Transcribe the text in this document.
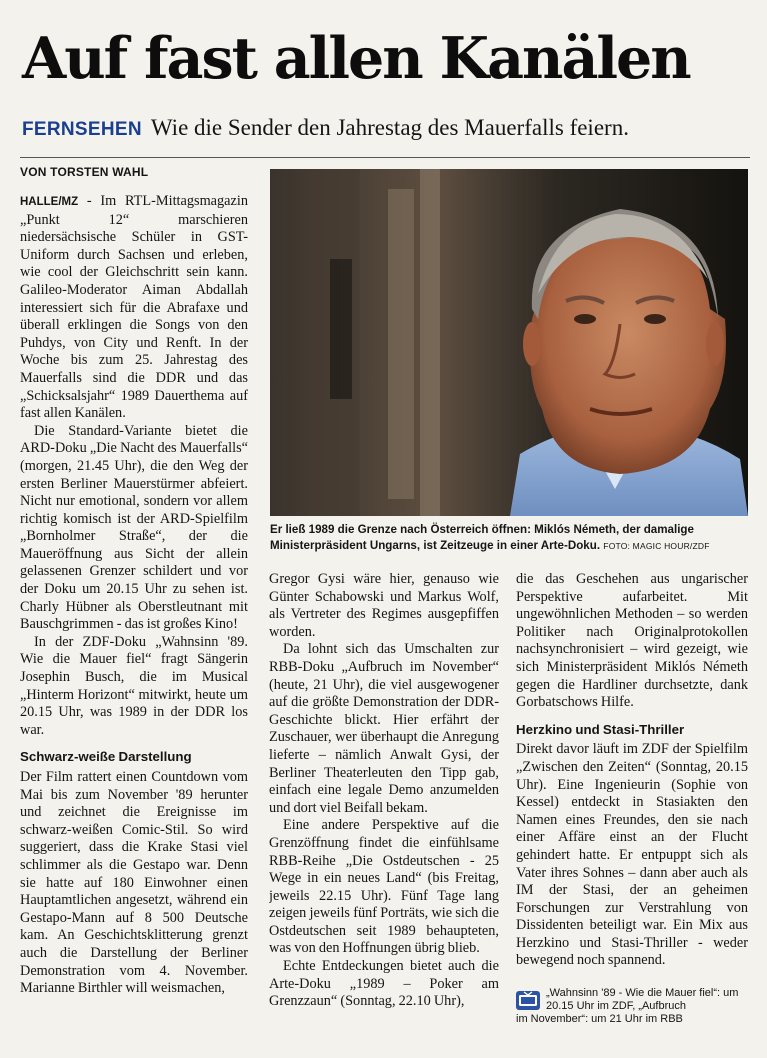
Auf fast allen Kanälen
FERNSEHEN Wie die Sender den Jahrestag des Mauerfalls feiern.
VON TORSTEN WAHL

HALLE/MZ - Im RTL-Mittagsmagazin „Punkt 12“ marschieren niedersächsische Schüler in GST-Uniform durch Sachsen und erleben, wie cool der Gleichschritt sein kann. Galileo-Moderator Aiman Abdallah interessiert sich für die Abrafaxe und überall erklingen die Songs von den Puhdys, von City und Renft. In der Woche bis zum 25. Jahrestag des Mauerfalls sind die DDR und das „Schicksalsjahr“ 1989 Dauerthema auf fast allen Kanälen.

Die Standard-Variante bietet die ARD-Doku „Die Nacht des Mauerfalls“ (morgen, 21.45 Uhr), die den Weg der ersten Berliner Mauerstürmer abfeiert. Nicht nur emotional, sondern vor allem richtig komisch ist der ARD-Spielfilm „Bornholmer Straße“, der die Maueröffnung aus Sicht der allein gelassenen Grenzer schildert und vor der Doku um 20.15 Uhr zu sehen ist. Charly Hübner als Oberstleutnant mit Bauschgrimmen - das ist großes Kino!

In der ZDF-Doku „Wahnsinn '89. Wie die Mauer fiel“ fragt Sängerin Josephin Busch, die im Musical „Hinterm Horizont“ mitwirkt, heute um 20.15 Uhr, was 1989 in der DDR los war.

Schwarz-weiße Darstellung

Der Film rattert einen Countdown vom Mai bis zum November '89 herunter und zeichnet die Ereignisse im schwarz-weißen Comic-Stil. So wird suggeriert, dass die Krake Stasi viel schlimmer als die Gestapo war. Denn sie hatte auf 180 Einwohner einen Hauptamtlichen angesetzt, während ein Gestapo-Mann auf 8 500 Deutsche kam. An Geschichtsklitterung grenzt auch die Darstellung der Berliner Demonstration vom 4. November. Marianne Birthler will weismachen,

Er ließ 1989 die Grenze nach Österreich öffnen: Miklós Németh, der damalige Ministerpräsident Ungarns, ist Zeitzeuge in einer Arte-Doku. FOTO: MAGIC HOUR/ZDF

Gregor Gysi wäre hier, genauso wie Günter Schabowski und Markus Wolf, als Vertreter des Regimes ausgepfiffen worden.

Da lohnt sich das Umschalten zur RBB-Doku „Aufbruch im November“ (heute, 21 Uhr), die viel ausgewogener auf die größte Demonstration der DDR-Geschichte blickt. Hier erfährt der Zuschauer, wer überhaupt die Anregung lieferte – nämlich Anwalt Gysi, der Berliner Theaterleuten den Tipp gab, einfach eine legale Demo anzumelden und dort viel Beifall bekam.

Eine andere Perspektive auf die Grenzöffnung findet die einfühlsame RBB-Reihe „Die Ostdeutschen - 25 Wege in ein neues Land“ (bis Freitag, jeweils 22.15 Uhr). Fünf Tage lang zeigen jeweils fünf Porträts, wie sich die Ostdeutschen seit 1989 behaupteten, was von den Hoffnungen übrig blieb.

Echte Entdeckungen bietet auch die Arte-Doku „1989 – Poker am Grenzzaun“ (Sonntag, 22.10 Uhr),

die das Geschehen aus ungarischer Perspektive aufarbeitet. Mit ungewöhnlichen Methoden – so werden Politiker nach Originalprotokollen nachsynchronisiert – wird gezeigt, wie sich Ministerpräsident Miklós Németh gegen die Hardliner durchsetzte, dank Gorbatschows Hilfe.

Herzkino und Stasi-Thriller

Direkt davor läuft im ZDF der Spielfilm „Zwischen den Zeiten“ (Sonntag, 20.15 Uhr). Eine Ingenieurin (Sophie von Kessel) entdeckt in Stasiakten den Namen eines Freundes, den sie nach einer Affäre einst an der Flucht gehindert hatte. Er entpuppt sich als Vater ihres Sohnes – dann aber auch als IM der Stasi, der an geheimen Forschungen zur Verstrahlung von Dissidenten beteiligt war. Ein Mix aus Herzkino und Stasi-Thriller - weder bewegend noch spannend.

„Wahnsinn '89 - Wie die Mauer fiel“: um 20.15 Uhr im ZDF, „Aufbruch
im November“: um 21 Uhr im RBB
